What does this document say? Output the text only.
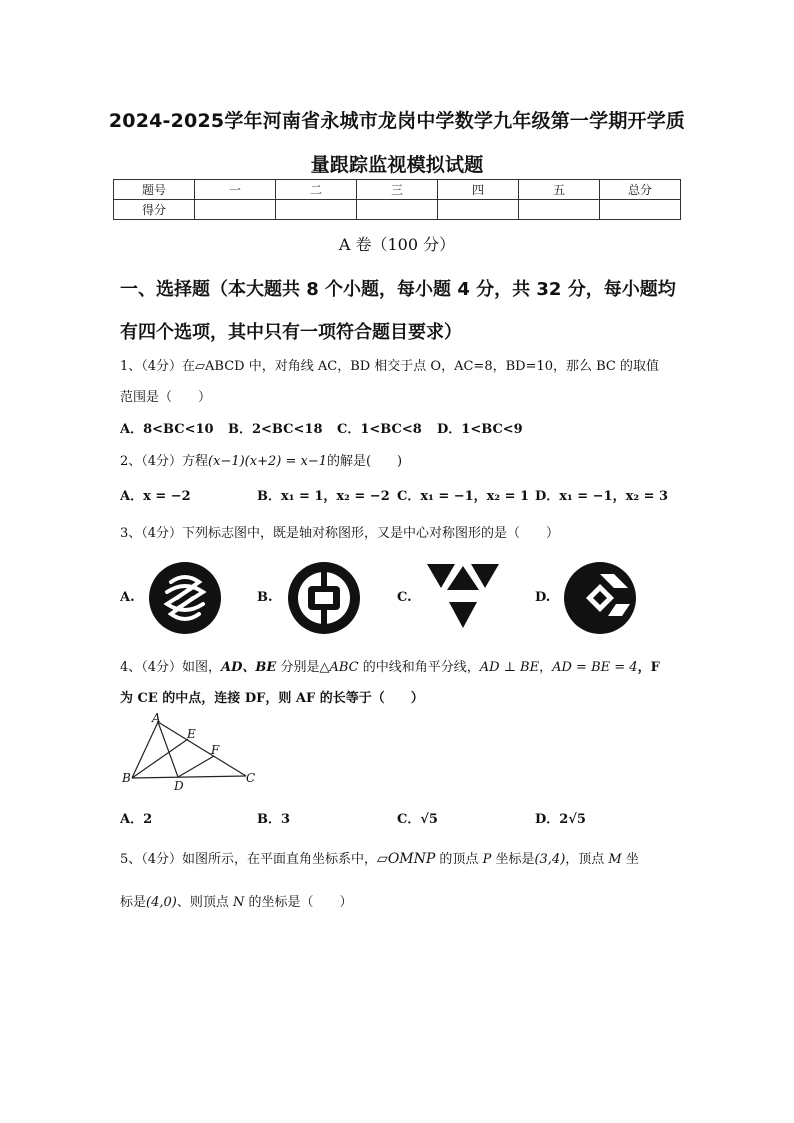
2024-2025学年河南省永城市龙岗中学数学九年级第一学期开学质
量跟踪监视模拟试题
题号	一	二	三	四	五	总分
得分						
A 卷（100 分）
一、选择题（本大题共 8 个小题，每小题 4 分，共 32 分，每小题均
有四个选项，其中只有一项符合题目要求）
1、（4分）在▱ABCD 中，对角线 AC，BD 相交于点 O，AC=8，BD=10，那么 BC 的取值
范围是（　　）
A．8<BC<10 B．2<BC<18 C．1<BC<8 D．1<BC<9
2、（4分）方程(x−1)(x+2) = x−1的解是(　　)
A．x = −2	B．x₁ = 1，x₂ = −2 C．x₁ = −1，x₂ = 1 D．x₁ = −1，x₂ = 3
3、（4分）下列标志图中，既是轴对称图形，又是中心对称图形的是（　　）
A.	B.	C.	D.
4、（4分）如图，AD、BE 分别是△ABC 的中线和角平分线，AD ⊥ BE，AD = BE = 4，F
为 CE 的中点，连接 DF，则 AF 的长等于（　　）
A
E
F
B
D
C
A．2	B．3	C．√5	D．2√5
5、（4分）如图所示，在平面直角坐标系中，▱OMNP 的顶点 P 坐标是(3,4)，顶点 M 坐
标是(4,0)、则顶点 N 的坐标是（　　）
